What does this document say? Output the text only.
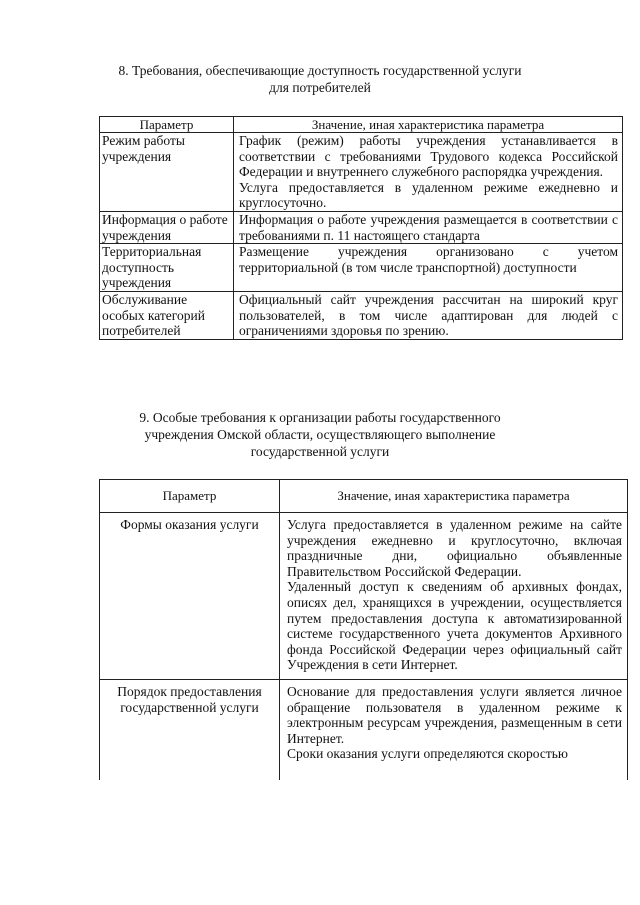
8. Требования, обеспечивающие доступность государственной услуги
для потребителей
Параметр	Значение, иная характеристика параметра
Режим работы учреждения	График (режим) работы учреждения устанавливается в соответствии с требованиями Трудового кодекса Российской Федерации и внутреннего служебного распорядка учреждения.

Услуга предоставляется в удаленном режиме ежедневно и круглосуточно.

Информация о работе учреждения	Информация о работе учреждения размещается в соответствии с требованиями п. 11 настоящего стандарта

Территориальная доступность учреждения	Размещение учреждения организовано с учетом территориальной (в том числе транспортной) доступности

Обслуживание особых категорий потребителей	Официальный сайт учреждения рассчитан на широкий круг пользователей, в том числе адаптирован для людей с ограничениями здоровья по зрению.

9. Особые требования к организации работы государственного
учреждения Омской области, осуществляющего выполнение
государственной услуги
Параметр	Значение, иная характеристика параметра
Формы оказания услуги	Услуга предоставляется в удаленном режиме на сайте учреждения ежедневно и круглосуточно, включая праздничные дни, официально объявленные Правительством Российской Федерации.

Удаленный доступ к сведениям об архивных фондах, описях дел, хранящихся в учреждении, осуществляется путем предоставления доступа к автоматизированной системе государственного учета документов Архивного фонда Российской Федерации через официальный сайт Учреждения в сети Интернет.

Порядок предоставления государственной услуги	Основание для предоставления услуги является личное обращение пользователя в удаленном режиме к электронным ресурсам учреждения, размещенным в сети Интернет.

Сроки оказания услуги определяются скоростью
